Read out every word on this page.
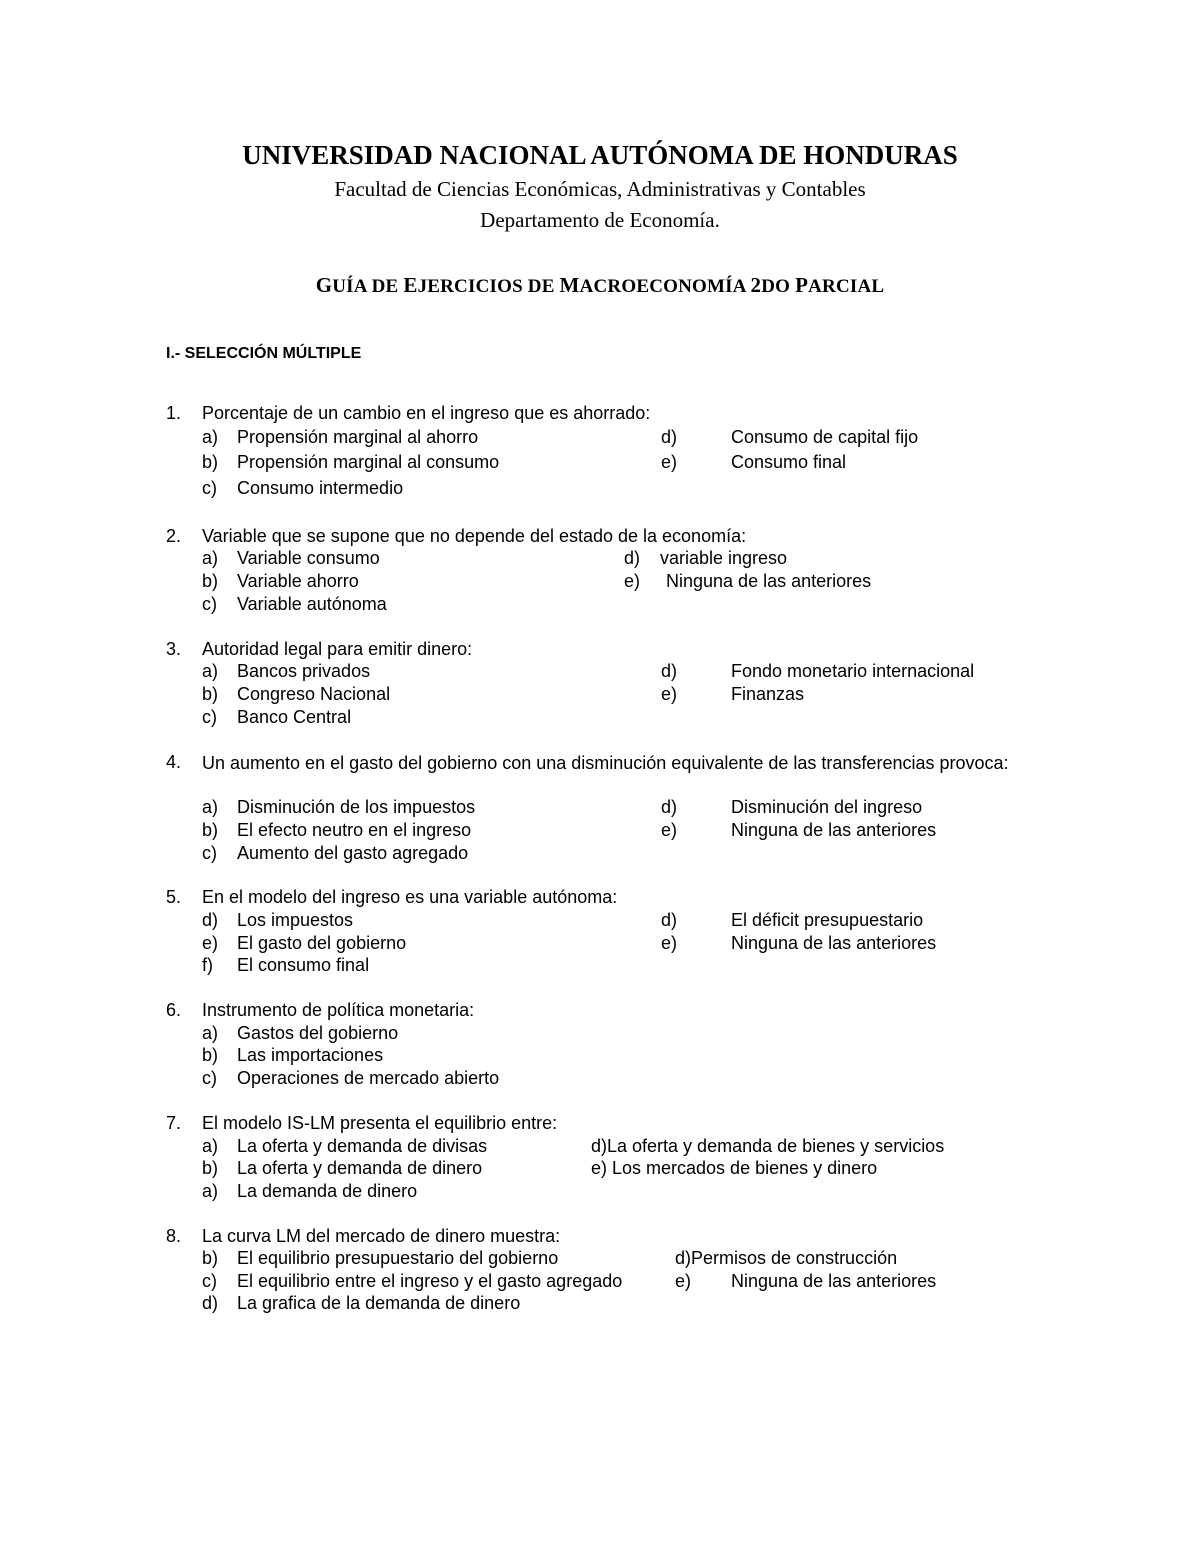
UNIVERSIDAD NACIONAL AUTÓNOMA DE HONDURAS
Facultad de Ciencias Económicas, Administrativas y Contables
Departamento de Economía.
GUÍA DE EJERCICIOS DE MACROECONOMÍA 2DO PARCIAL
I.- SELECCIÓN MÚLTIPLE
1. Porcentaje de un cambio en el ingreso que es ahorrado:
a) Propensión marginal al ahorro	d)	Consumo de capital fijo
b) Propensión marginal al consumo	e)	Consumo final
c) Consumo intermedio
2. Variable que se supone que no depende del estado de la economía:
a) Variable consumo	d) variable ingreso
b) Variable ahorro	e) Ninguna de las anteriores
c) Variable autónoma
3. Autoridad legal para emitir dinero:
a) Bancos privados	d)	Fondo monetario internacional
b) Congreso Nacional	e)	Finanzas
c) Banco Central
4. Un aumento en el gasto del gobierno con una disminución equivalente de las transferencias provoca:
a) Disminución de los impuestos	d)	Disminución del ingreso
b) El efecto neutro en el ingreso	e)	Ninguna de las anteriores
c) Aumento del gasto agregado
5. En el modelo del ingreso es una variable autónoma:
d) Los impuestos	d)	El déficit presupuestario
e) El gasto del gobierno	e)	Ninguna de las anteriores
f) El consumo final
6. Instrumento de política monetaria:
a) Gastos del gobierno
b) Las importaciones
c) Operaciones de mercado abierto
7. El modelo IS-LM presenta el equilibrio entre:
a) La oferta y demanda de divisas	d)La oferta y demanda de bienes y servicios
b) La oferta y demanda de dinero	e) Los mercados de bienes y dinero
a) La demanda de dinero
8. La curva LM del mercado de dinero muestra:
b) El equilibrio presupuestario del gobierno	d)Permisos de construcción
c) El equilibrio entre el ingreso y el gasto agregado	e) Ninguna de las anteriores
d) La grafica de la demanda de dinero
